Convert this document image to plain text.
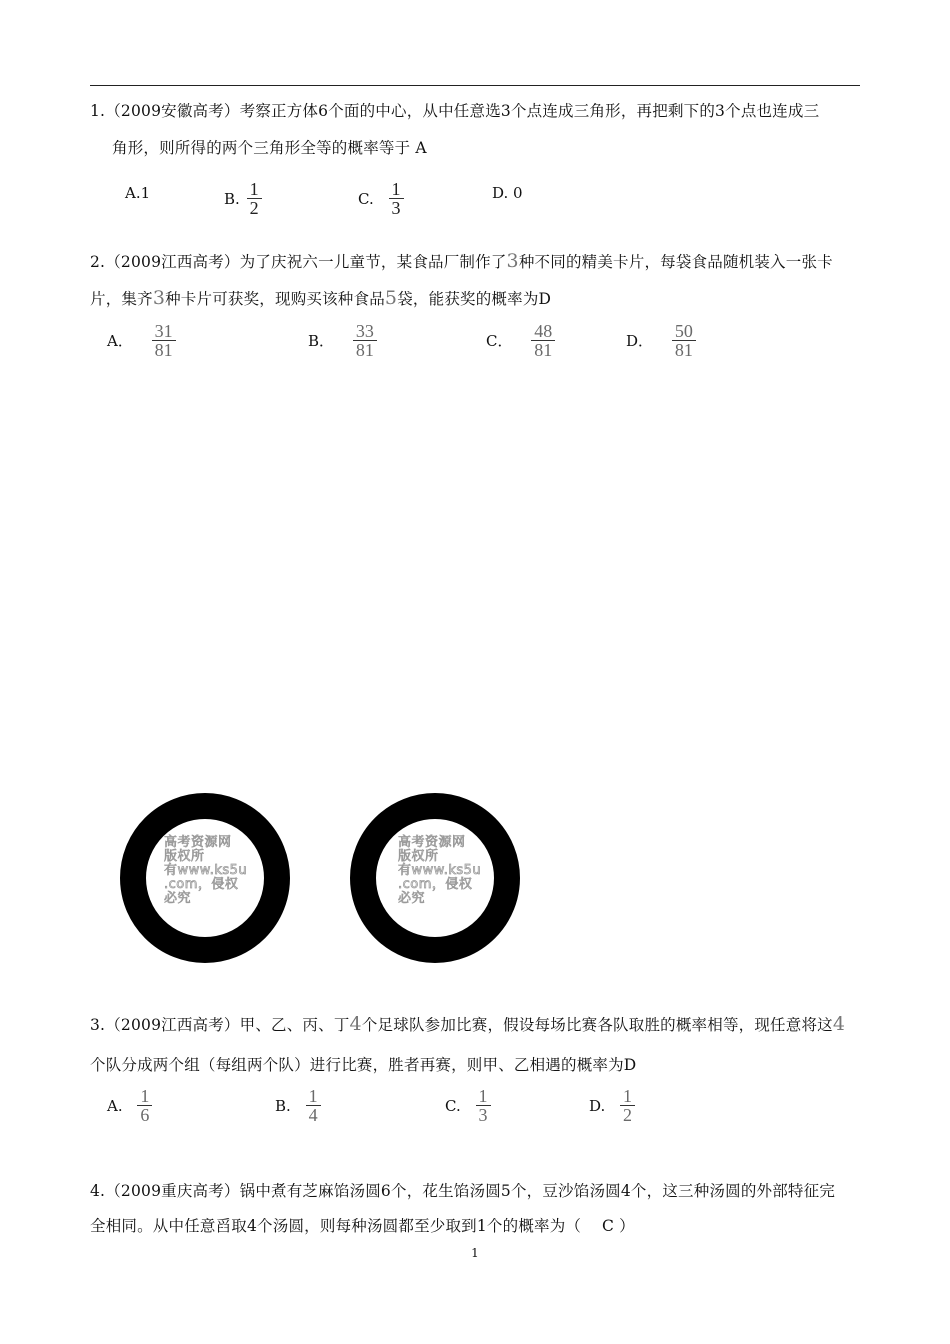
1.（2009安徽高考）考察正方体6个面的中心，从中任意选3个点连成三角形，再把剩下的3个点也连成三
角形，则所得的两个三角形全等的概率等于 A
A.1	B. $\frac{1}{2}$	C. $\frac{1}{3}$	D. 0
2.（2009江西高考）为了庆祝六一儿童节，某食品厂制作了3种不同的精美卡片，每袋食品随机装入一张卡
片，集齐3种卡片可获奖，现购买该种食品5袋，能获奖的概率为D
A． $\frac{31}{81}$	B． $\frac{33}{81}$	C． $\frac{48}{81}$	D． $\frac{50}{81}$
高考资源网
版权所
有www.ks5u
.com，侵权
必究
高考资源网
版权所
有www.ks5u
.com，侵权
必究
3.（2009江西高考）甲、乙、丙、丁4个足球队参加比赛，假设每场比赛各队取胜的概率相等，现任意将这4
个队分成两个组（每组两个队）进行比赛，胜者再赛，则甲、乙相遇的概率为D
A. $\frac{1}{6}$	B. $\frac{1}{4}$	C. $\frac{1}{3}$	D. $\frac{1}{2}$
4.（2009重庆高考）锅中煮有芝麻馅汤圆6个，花生馅汤圆5个，豆沙馅汤圆4个，这三种汤圆的外部特征完
全相同。从中任意舀取4个汤圆，则每种汤圆都至少取到1个的概率为（　 C ）
1
